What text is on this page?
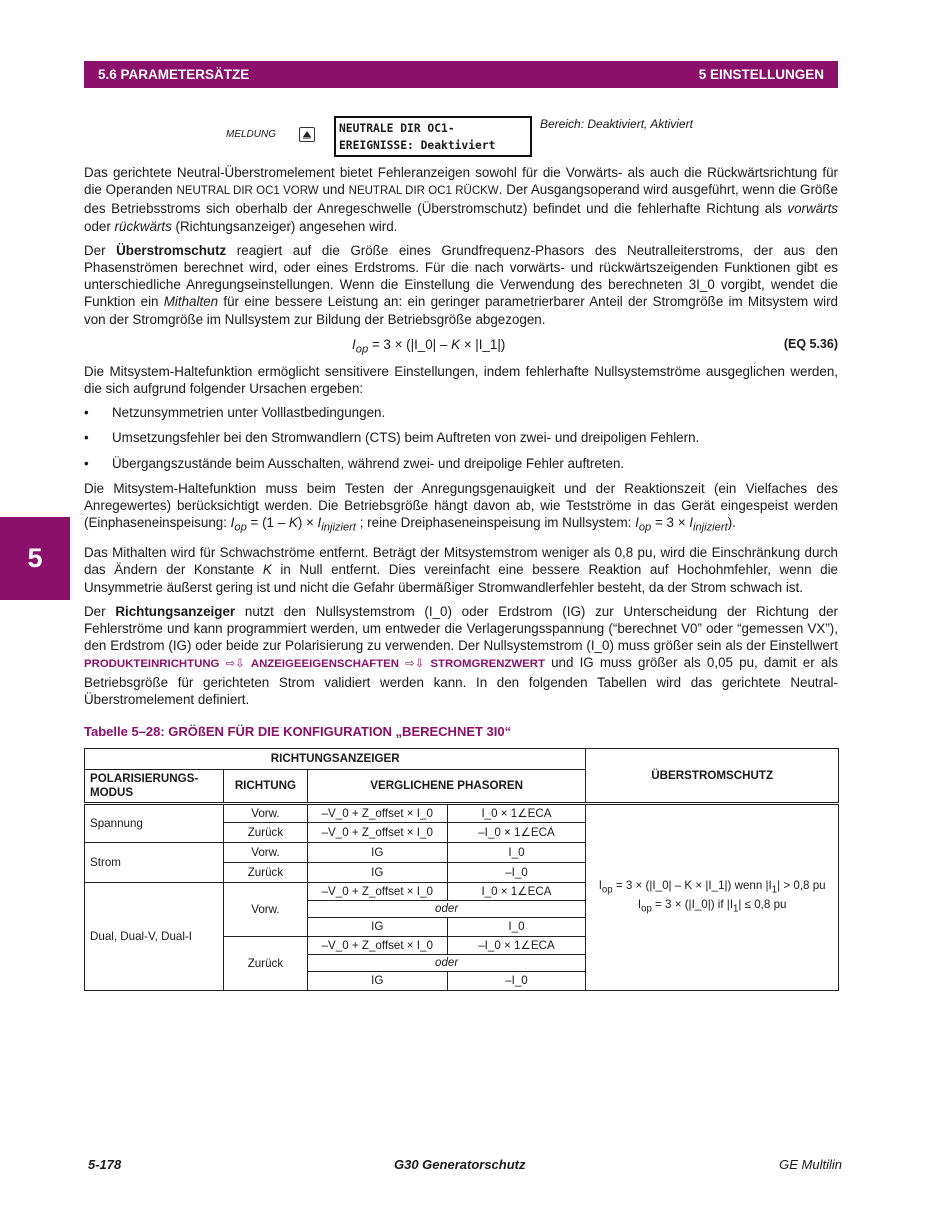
5.6 PARAMETERSÄTZE	5 EINSTELLUNGEN
5
MELDUNG	NEUTRALE DIR OC1-
EREIGNISSE: Deaktiviert
Bereich: Deaktiviert, Aktiviert

Das gerichtete Neutral-Überstromelement bietet Fehleranzeigen sowohl für die Vorwärts- als auch die Rückwärtsrichtung für die Operanden NEUTRAL DIR OC1 VORW und NEUTRAL DIR OC1 RÜCKW. Der Ausgangsoperand wird ausgeführt, wenn die Größe des Betriebsstroms sich oberhalb der Anregeschwelle (Überstromschutz) befindet und die fehlerhafte Richtung als vorwärts oder rückwärts (Richtungsanzeiger) angesehen wird.

Der Überstromschutz reagiert auf die Größe eines Grundfrequenz-Phasors des Neutralleiterstroms, der aus den Phasenströmen berechnet wird, oder eines Erdstroms. Für die nach vorwärts- und rückwärtszeigenden Funktionen gibt es unterschiedliche Anregungseinstellungen. Wenn die Einstellung die Verwendung des berechneten 3I_0 vorgibt, wendet die Funktion ein Mithalten für eine bessere Leistung an: ein geringer parametrierbarer Anteil der Stromgröße im Mitsystem wird von der Stromgröße im Nullsystem zur Bildung der Betriebsgröße abgezogen.

$I_{op} = 3$ × (|I_0| – K × |I_1|)	(EQ 5.36)

Die Mitsystem-Haltefunktion ermöglicht sensitivere Einstellungen, indem fehlerhafte Nullsystemströme ausgeglichen werden, die sich aufgrund folgender Ursachen ergeben:

• Netzunsymmetrien unter Volllastbedingungen.
• Umsetzungsfehler bei den Stromwandlern (CTS) beim Auftreten von zwei- und dreipoligen Fehlern.
• Übergangszustände beim Ausschalten, während zwei- und dreipolige Fehler auftreten.

Die Mitsystem-Haltefunktion muss beim Testen der Anregungsgenauigkeit und der Reaktionszeit (ein Vielfaches des Anregewertes) berücksichtigt werden. Die Betriebsgröße hängt davon ab, wie Testströme in das Gerät eingespeist werden (Einphaseneinspeisung: $I_{op} = (1 - K) \times I_{injiziert}$ ; reine Dreiphaseneinspeisung im Nullsystem: $I_{op} = 3 \times I_{injiziert}$).

Das Mithalten wird für Schwachströme entfernt. Beträgt der Mitsystemstrom weniger als 0,8 pu, wird die Einschränkung durch das Ändern der Konstante K in Null entfernt. Dies vereinfacht eine bessere Reaktion auf Hochohmfehler, wenn die Unsymmetrie äußerst gering ist und nicht die Gefahr übermäßiger Stromwandlerfehler besteht, da der Strom schwach ist.

Der Richtungsanzeiger nutzt den Nullsystemstrom (I_0) oder Erdstrom (IG) zur Unterscheidung der Richtung der Fehlerströme und kann programmiert werden, um entweder die Verlagerungsspannung (“berechnet V0” oder “gemessen VX”), den Erdstrom (IG) oder beide zur Polarisierung zu verwenden. Der Nullsystemstrom (I_0) muss größer sein als der Einstellwert PRODUKTEINRICHTUNG ⇨⇩ ANZEIGEEIGENSCHAFTEN ⇨⇩ STROMGRENZWERT und IG muss größer als 0,05 pu, damit er als Betriebsgröße für gerichteten Strom validiert werden kann. In den folgenden Tabellen wird das gerichtete Neutral-Überstromelement definiert.

Tabelle 5–28: GRÖßEN FÜR DIE KONFIGURATION „BERECHNET 3I0“
RICHTUNGSANZEIGER				ÜBERSTROMSCHUTZ
POLARISIERUNGS-MODUS	RICHTUNG	VERGLICHENE PHASOREN		
Spannung	Vorw.	–V_0 + Z_offset × I_0	I_0 × 1∠ECA	$I_{op} = 3$ × (|I_0| – K × |I_1|) wenn $|I_1| > 0,8$ pu
$I_{op} = 3$ × (|I_0|) if $|I_1| \le 0,8$ pu

	Zurück	–V_0 + Z_offset × I_0	–I_0 × 1∠ECA	
Strom	Vorw.	IG	I_0	
	Zurück	IG	–I_0	
Dual, Dual-V, Dual-I	Vorw.	–V_0 + Z_offset × I_0	I_0 × 1∠ECA	
		oder		
		IG	I_0	
	Zurück	–V_0 + Z_offset × I_0	–I_0 × 1∠ECA	
		oder		
		IG	–I_0	
5-178	G30 Generatorschutz	GE Multilin
